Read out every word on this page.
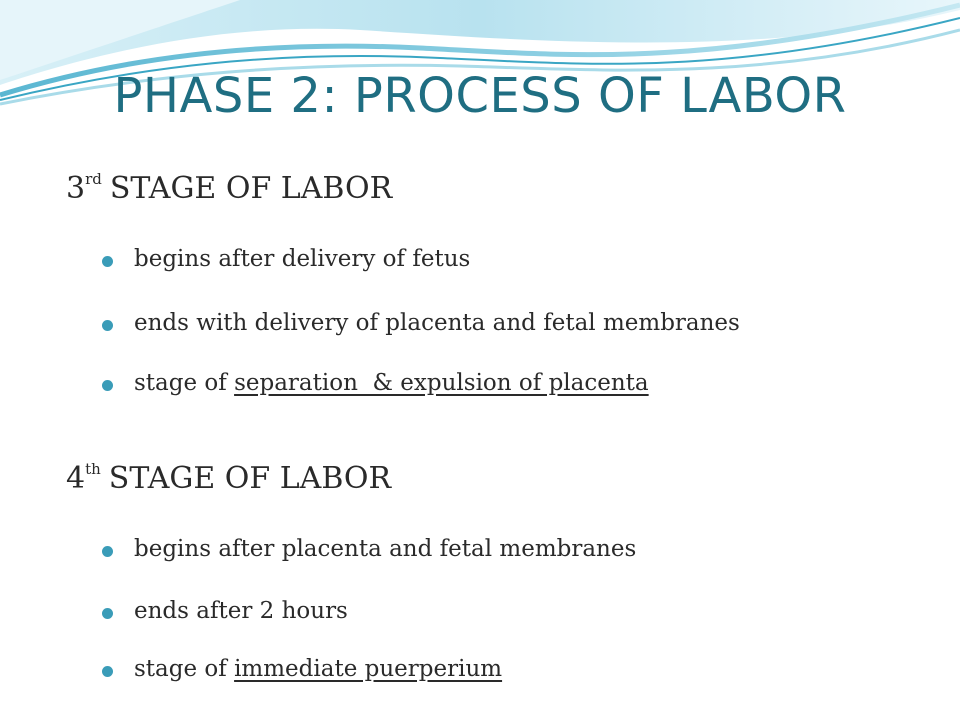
PHASE 2: PROCESS OF LABOR
3rd STAGE OF LABOR
begins after delivery of fetus
ends with delivery of placenta and fetal membranes
stage of separation  & expulsion of placenta
4th STAGE OF LABOR
begins after placenta and fetal membranes
ends after 2 hours
stage of immediate puerperium
